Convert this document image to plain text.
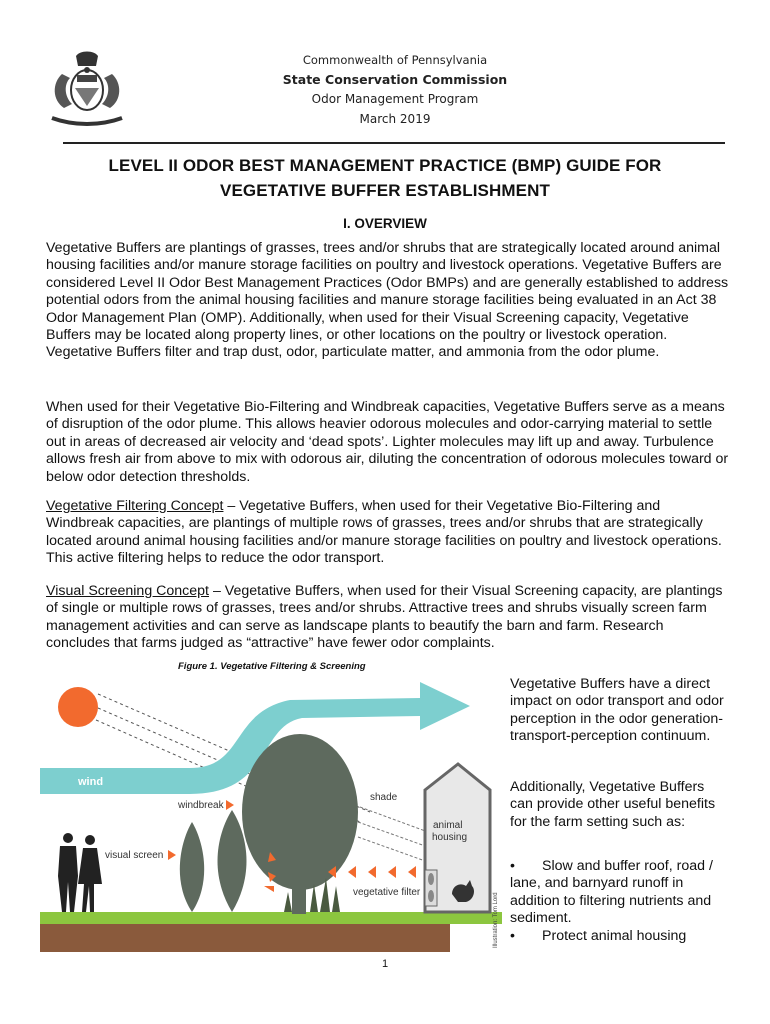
Commonwealth of Pennsylvania
State Conservation Commission
Odor Management Program
March 2019
LEVEL II ODOR BEST MANAGEMENT PRACTICE (BMP) GUIDE FOR
VEGETATIVE BUFFER ESTABLISHMENT
I. OVERVIEW

Vegetative Buffers are plantings of grasses, trees and/or shrubs that are strategically located around animal housing facilities and/or manure storage facilities on poultry and livestock operations. Vegetative Buffers are considered Level II Odor Best Management Practices (Odor BMPs) and are generally established to address potential odors from the animal housing facilities and manure storage facilities being evaluated in an Act 38 Odor Management Plan (OMP). Additionally, when used for their Visual Screening capacity, Vegetative Buffers may be located along property lines, or other locations on the poultry or livestock operation. Vegetative Buffers filter and trap dust, odor, particulate matter, and ammonia from the odor plume.

When used for their Vegetative Bio-Filtering and Windbreak capacities, Vegetative Buffers serve as a means of disruption of the odor plume. This allows heavier odorous molecules and odor-carrying material to settle out in areas of decreased air velocity and ‘dead spots’. Lighter molecules may lift up and away. Turbulence allows fresh air from above to mix with odorous air, diluting the concentration of odorous molecules toward or below odor detection thresholds.

Vegetative Filtering Concept – Vegetative Buffers, when used for their Vegetative Bio-Filtering and Windbreak capacities, are plantings of multiple rows of grasses, trees and/or shrubs that are strategically located around animal housing facilities and/or manure storage facilities on poultry and livestock operations. This active filtering helps to reduce the odor transport.

Visual Screening Concept – Vegetative Buffers, when used for their Visual Screening capacity, are plantings of single or multiple rows of grasses, trees and/or shrubs. Attractive trees and shrubs visually screen farm management activities and can serve as landscape plants to beautify the barn and farm. Research concludes that farms judged as “attractive” have fewer odor complaints.

Figure 1. Vegetative Filtering & Screening
wind
windbreak
shade
vegetative filter
animal
housing
visual screen
Illustration: Tom Lord

Vegetative Buffers have a direct impact on odor transport and odor perception in the odor generation-transport-perception continuum.

Additionally, Vegetative Buffers can provide other useful benefits for the farm setting such as:

• Slow and buffer roof, road / lane, and barnyard runoff in addition to filtering nutrients and sediment.
• Protect animal housing
1
